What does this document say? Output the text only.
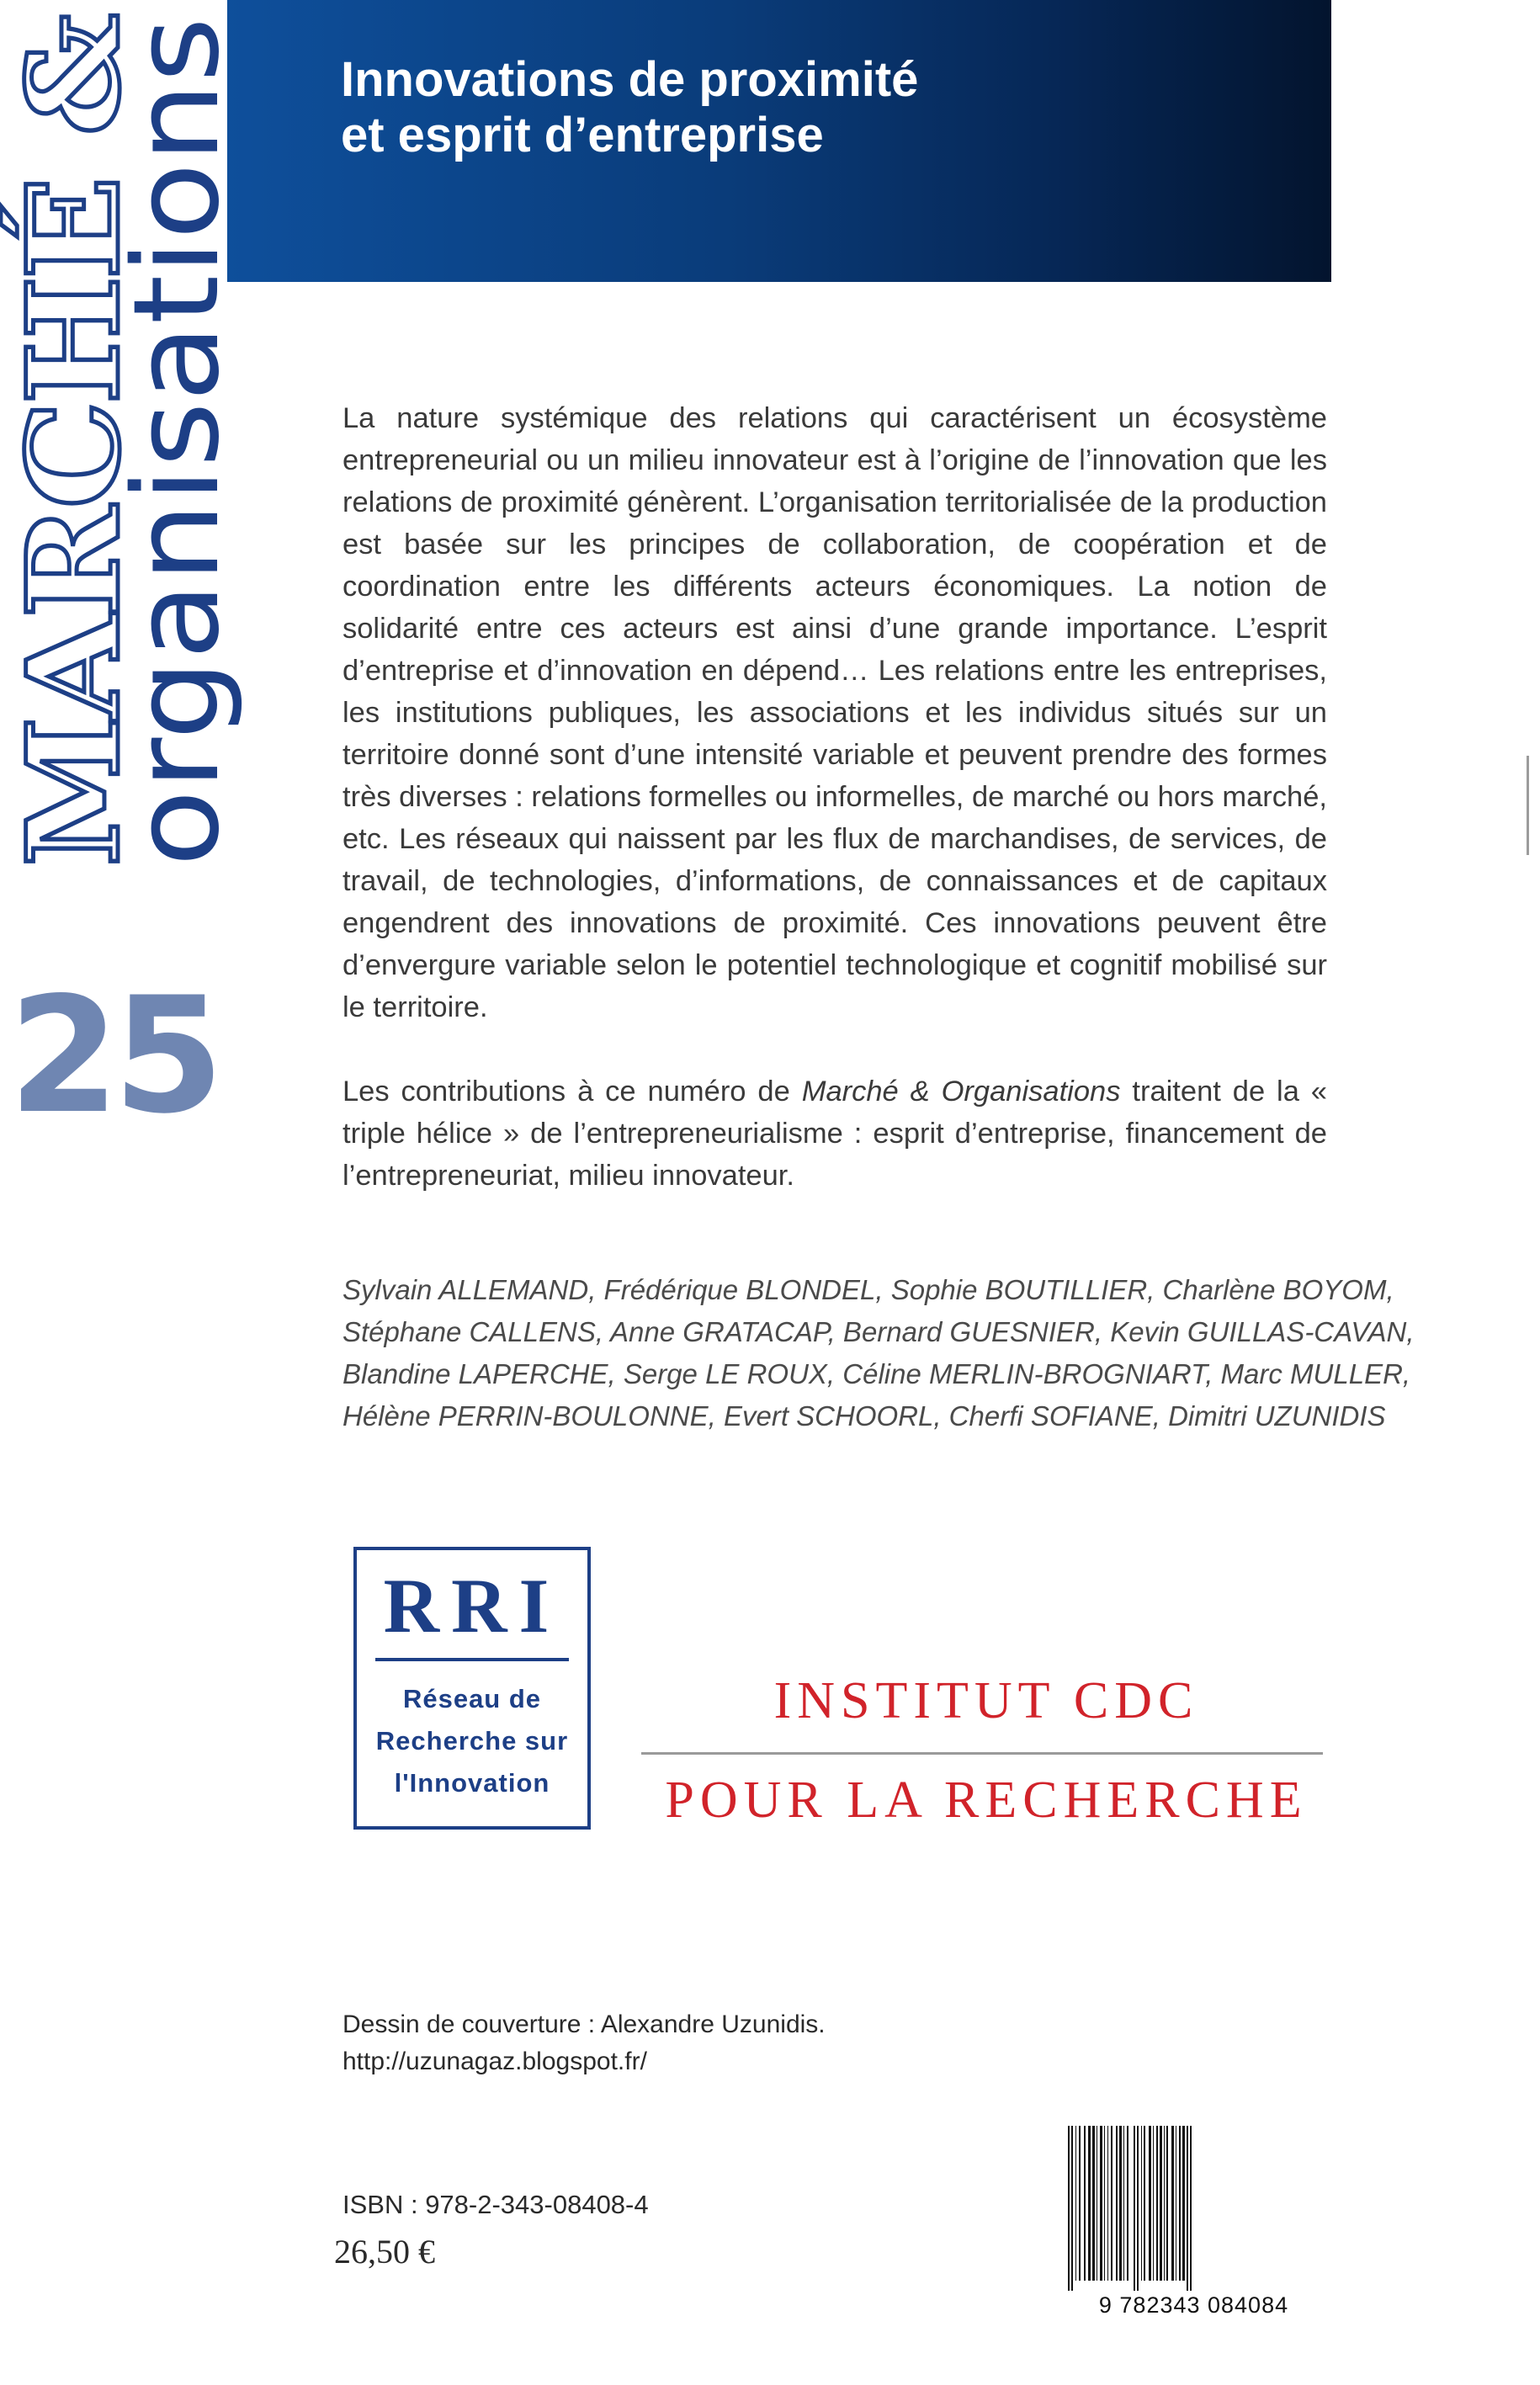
MARCHÉ &
organisations
25
Innovations de proximité
et esprit d’entreprise

La nature systémique des relations qui caractérisent un écosystème entrepreneurial ou un milieu innovateur est à l’origine de l’innovation que les relations de proximité génèrent. L’organisation territorialisée de la production est basée sur les principes de collaboration, de coopération et de coordination entre les différents acteurs économiques. La notion de solidarité entre ces acteurs est ainsi d’une grande importance. L’esprit d’entreprise et d’innovation en dépend… Les relations entre les entreprises, les institutions publiques, les associations et les individus situés sur un territoire donné sont d’une intensité variable et peuvent prendre des formes très diverses : relations formelles ou informelles, de marché ou hors marché, etc. Les réseaux qui naissent par les flux de marchandises, de services, de travail, de technologies, d’informations, de connaissances et de capitaux engendrent des innovations de proximité. Ces innovations peuvent être d’envergure variable selon le potentiel technologique et cognitif mobilisé sur le territoire.

Les contributions à ce numéro de Marché & Organisations traitent de la « triple hélice » de l’entrepreneurialisme : esprit d’entreprise, financement de l’entrepreneuriat, milieu innovateur.

Sylvain ALLEMAND, Frédérique BLONDEL, Sophie BOUTILLIER, Charlène BOYOM,
Stéphane CALLENS, Anne GRATACAP, Bernard GUESNIER, Kevin GUILLAS-CAVAN,
Blandine LAPERCHE, Serge LE ROUX, Céline MERLIN-BROGNIART, Marc MULLER,
Hélène PERRIN-BOULONNE, Evert SCHOORL, Cherfi SOFIANE, Dimitri UZUNIDIS
RRI
Réseau de
Recherche sur
l'Innovation
INSTITUT CDC
POUR LA RECHERCHE
Dessin de couverture : Alexandre Uzunidis.
http://uzunagaz.blogspot.fr/
ISBN : 978-2-343-08408-4
26,50 €
9 782343 084084
